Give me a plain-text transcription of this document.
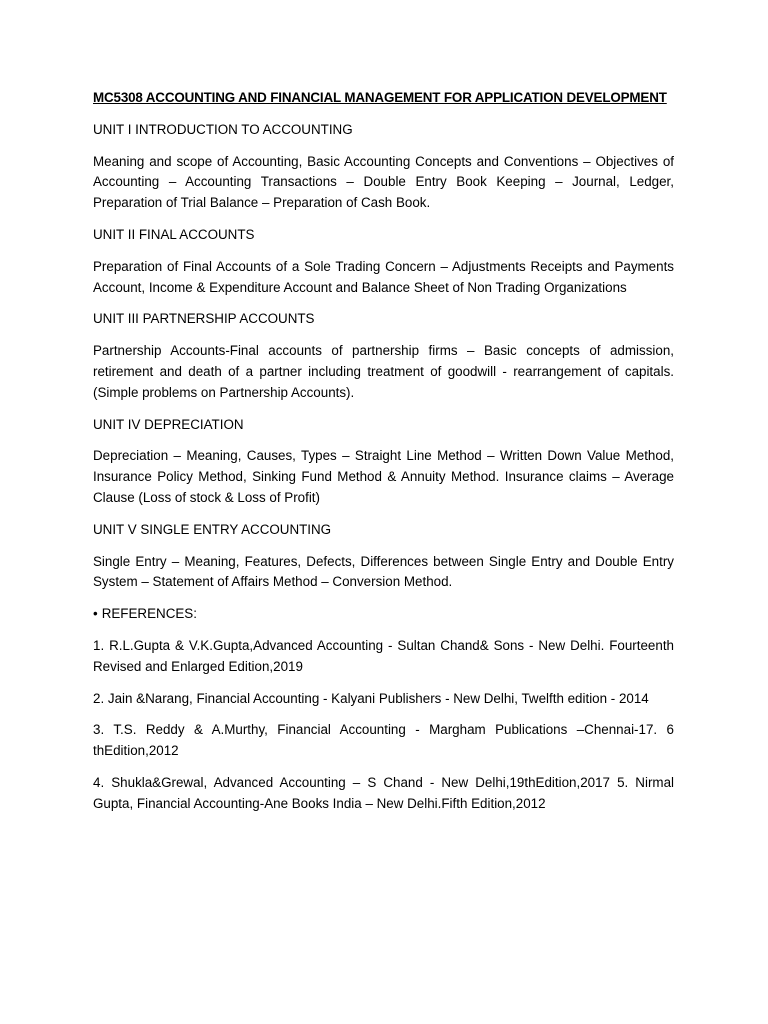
MC5308 ACCOUNTING AND FINANCIAL MANAGEMENT FOR APPLICATION DEVELOPMENT
UNIT I INTRODUCTION TO ACCOUNTING
Meaning and scope of Accounting, Basic Accounting Concepts and Conventions – Objectives of Accounting – Accounting Transactions – Double Entry Book Keeping – Journal, Ledger, Preparation of Trial Balance – Preparation of Cash Book.
UNIT II FINAL ACCOUNTS
Preparation of Final Accounts of a Sole Trading Concern – Adjustments Receipts and Payments Account, Income & Expenditure Account and Balance Sheet of Non Trading Organizations
UNIT III PARTNERSHIP ACCOUNTS
Partnership Accounts-Final accounts of partnership firms – Basic concepts of admission, retirement and death of a partner including treatment of goodwill - rearrangement of capitals. (Simple problems on Partnership Accounts).
UNIT IV DEPRECIATION
Depreciation – Meaning, Causes, Types – Straight Line Method – Written Down Value Method, Insurance Policy Method, Sinking Fund Method & Annuity Method. Insurance claims – Average Clause (Loss of stock & Loss of Profit)
UNIT V SINGLE ENTRY ACCOUNTING
Single Entry – Meaning, Features, Defects, Differences between Single Entry and Double Entry System – Statement of Affairs Method – Conversion Method.
• REFERENCES:
1. R.L.Gupta & V.K.Gupta,Advanced Accounting - Sultan Chand& Sons - New Delhi. Fourteenth Revised and Enlarged Edition,2019
2. Jain &Narang, Financial Accounting - Kalyani Publishers - New Delhi, Twelfth edition - 2014
3. T.S. Reddy & A.Murthy, Financial Accounting - Margham Publications –Chennai-17. 6 thEdition,2012
4. Shukla&Grewal, Advanced Accounting – S Chand - New Delhi,19thEdition,2017 5. Nirmal Gupta, Financial Accounting-Ane Books India – New Delhi.Fifth Edition,2012
